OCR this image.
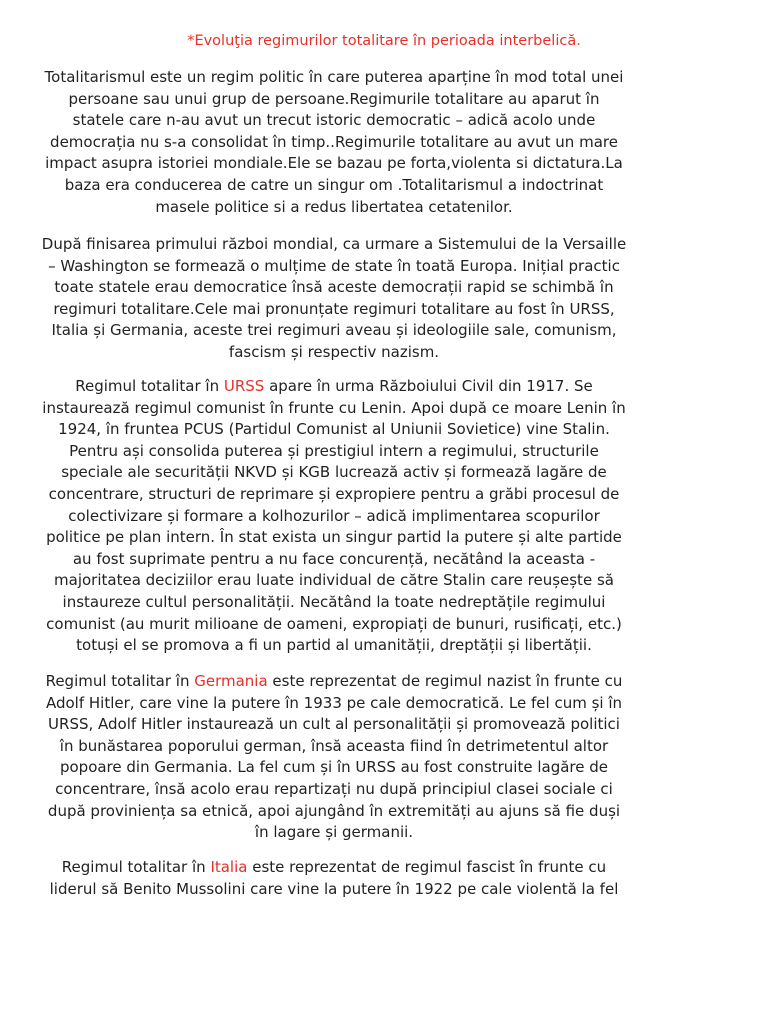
*Evoluţia regimurilor totalitare în perioada interbelică.
Totalitarismul este un regim politic în care puterea aparține în mod total unei
persoane sau unui grup de persoane.Regimurile totalitare au aparut în
statele care n-au avut un trecut istoric democratic – adică acolo unde
democrația nu s-a consolidat în timp..Regimurile totalitare au avut un mare
impact asupra istoriei mondiale.Ele se bazau pe forta,violenta si dictatura.La
baza era conducerea de catre un singur om .Totalitarismul a indoctrinat
masele politice si a redus libertatea cetatenilor.
După finisarea primului război mondial, ca urmare a Sistemului de la Versaille
– Washington se formează o mulțime de state în toată Europa. Inițial practic
toate statele erau democratice însă aceste democrații rapid se schimbă în
regimuri totalitare.Cele mai pronunțate regimuri totalitare au fost în URSS,
Italia și Germania, aceste trei regimuri aveau și ideologiile sale, comunism,
fascism și respectiv nazism.
Regimul totalitar în URSS apare în urma Războiului Civil din 1917. Se
instaurează regimul comunist în frunte cu Lenin. Apoi după ce moare Lenin în
1924, în fruntea PCUS (Partidul Comunist al Uniunii Sovietice) vine Stalin.
Pentru ași consolida puterea și prestigiul intern a regimului, structurile
speciale ale securității NKVD și KGB lucrează activ și formează lagăre de
concentrare, structuri de reprimare și expropiere pentru a grăbi procesul de
colectivizare și formare a kolhozurilor – adică implimentarea scopurilor
politice pe plan intern. În stat exista un singur partid la putere și alte partide
au fost suprimate pentru a nu face concurență, necătând la aceasta -
majoritatea deciziilor erau luate individual de către Stalin care reușește să
instaureze cultul personalității. Necătând la toate nedreptățile regimului
comunist (au murit milioane de oameni, expropiați de bunuri, rusificați, etc.)
totuși el se promova a fi un partid al umanității, dreptății și libertății.
Regimul totalitar în Germania este reprezentat de regimul nazist în frunte cu
Adolf Hitler, care vine la putere în 1933 pe cale democratică. Le fel cum și în
URSS, Adolf Hitler instaurează un cult al personalității și promovează politici
în bunăstarea poporului german, însă aceasta fiind în detrimetentul altor
popoare din Germania. La fel cum și în URSS au fost construite lagăre de
concentrare, însă acolo erau repartizați nu după principiul clasei sociale ci
după proviniența sa etnică, apoi ajungând în extremități au ajuns să fie duși
în lagare și germanii.
Regimul totalitar în Italia este reprezentat de regimul fascist în frunte cu
liderul să Benito Mussolini care vine la putere în 1922 pe cale violentă la fel
